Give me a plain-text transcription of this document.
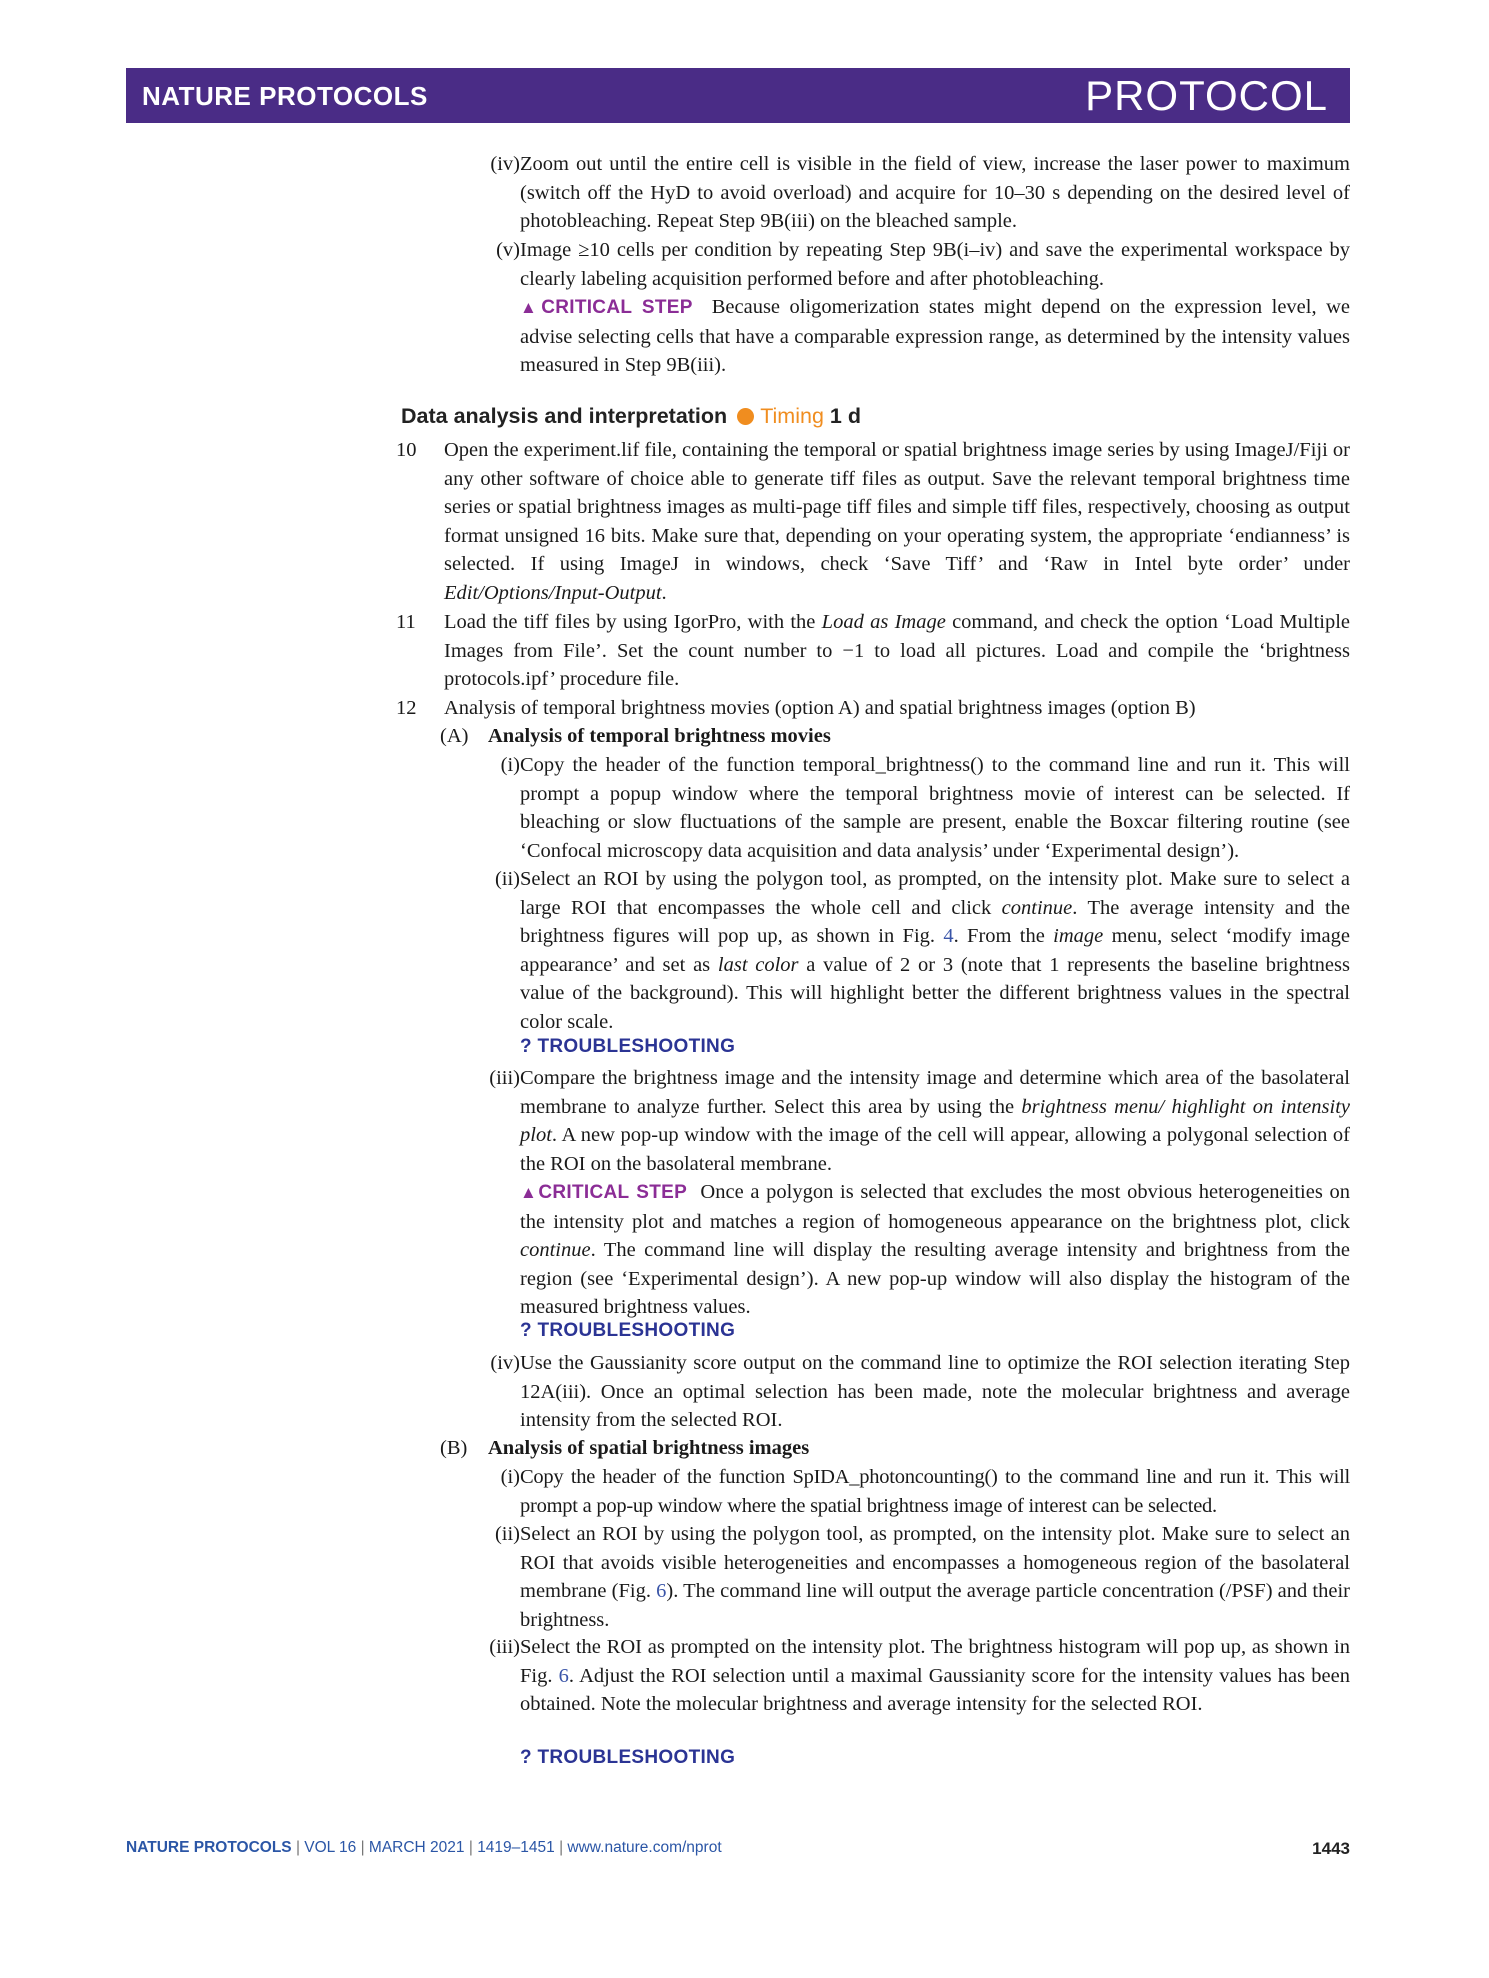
NATURE PROTOCOLS	PROTOCOL
(iv) Zoom out until the entire cell is visible in the field of view, increase the laser power to maximum (switch off the HyD to avoid overload) and acquire for 10–30 s depending on the desired level of photobleaching. Repeat Step 9B(iii) on the bleached sample.
(v) Image ≥10 cells per condition by repeating Step 9B(i–iv) and save the experimental workspace by clearly labeling acquisition performed before and after photobleaching.
▲CRITICAL STEP Because oligomerization states might depend on the expression level, we advise selecting cells that have a comparable expression range, as determined by the intensity values measured in Step 9B(iii).
Data analysis and interpretation Timing 1 d
10	Open the experiment.lif file, containing the temporal or spatial brightness image series by using ImageJ/Fiji or any other software of choice able to generate tiff files as output. Save the relevant temporal brightness time series or spatial brightness images as multi-page tiff files and simple tiff files, respectively, choosing as output format unsigned 16 bits. Make sure that, depending on your operating system, the appropriate ‘endianness’ is selected. If using ImageJ in windows, check ‘Save Tiff’ and ‘Raw in Intel byte order’ under Edit/Options/Input-Output.
11	Load the tiff files by using IgorPro, with the Load as Image command, and check the option ‘Load Multiple Images from File’. Set the count number to −1 to load all pictures. Load and compile the ‘brightness protocols.ipf’ procedure file.
12	Analysis of temporal brightness movies (option A) and spatial brightness images (option B)
(A) Analysis of temporal brightness movies
(i) Copy the header of the function temporal_brightness() to the command line and run it. This will prompt a popup window where the temporal brightness movie of interest can be selected. If bleaching or slow fluctuations of the sample are present, enable the Boxcar filtering routine (see ‘Confocal microscopy data acquisition and data analysis’ under ‘Experimental design’).
(ii) Select an ROI by using the polygon tool, as prompted, on the intensity plot. Make sure to select a large ROI that encompasses the whole cell and click continue. The average intensity and the brightness figures will pop up, as shown in Fig. 4. From the image menu, select ‘modify image appearance’ and set as last color a value of 2 or 3 (note that 1 represents the baseline brightness value of the background). This will highlight better the different brightness values in the spectral color scale.
? TROUBLESHOOTING
(iii) Compare the brightness image and the intensity image and determine which area of the basolateral membrane to analyze further. Select this area by using the brightness menu/ highlight on intensity plot. A new pop-up window with the image of the cell will appear, allowing a polygonal selection of the ROI on the basolateral membrane.
▲CRITICAL STEP Once a polygon is selected that excludes the most obvious heterogeneities on the intensity plot and matches a region of homogeneous appearance on the brightness plot, click continue. The command line will display the resulting average intensity and brightness from the region (see ‘Experimental design’). A new pop-up window will also display the histogram of the measured brightness values.
? TROUBLESHOOTING
(iv) Use the Gaussianity score output on the command line to optimize the ROI selection iterating Step 12A(iii). Once an optimal selection has been made, note the molecular brightness and average intensity from the selected ROI.
(B)	Analysis of spatial brightness images
(i) Copy the header of the function SpIDA_photoncounting() to the command line and run it. This will prompt a pop-up window where the spatial brightness image of interest can be selected.
(ii) Select an ROI by using the polygon tool, as prompted, on the intensity plot. Make sure to select an ROI that avoids visible heterogeneities and encompasses a homogeneous region of the basolateral membrane (Fig. 6). The command line will output the average particle concentration (/PSF) and their brightness.
(iii) Select the ROI as prompted on the intensity plot. The brightness histogram will pop up, as shown in Fig. 6. Adjust the ROI selection until a maximal Gaussianity score for the intensity values has been obtained. Note the molecular brightness and average intensity for the selected ROI.
? TROUBLESHOOTING
NATURE PROTOCOLS | VOL 16 | MARCH 2021 | 1419–1451 | www.nature.com/nprot	1443
